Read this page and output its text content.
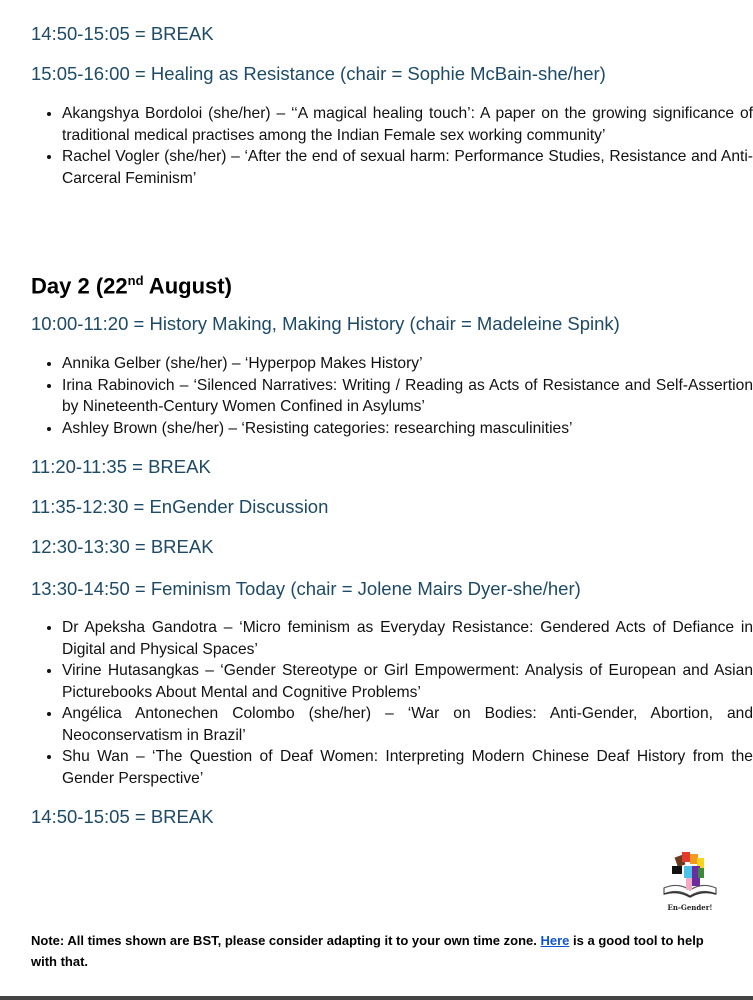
14:50-15:05 = BREAK
15:05-16:00 = Healing as Resistance (chair = Sophie McBain-she/her)
• Akangshya Bordoloi (she/her) – ‘‘A magical healing touch’: A paper on the growing significance of traditional medical practises among the Indian Female sex working community’
• Rachel Vogler (she/her) – ‘After the end of sexual harm: Performance Studies, Resistance and Anti-Carceral Feminism’
Day 2 (22nd August)
10:00-11:20 = History Making, Making History (chair = Madeleine Spink)
• Annika Gelber (she/her) – ‘Hyperpop Makes History’
• Irina Rabinovich – ‘Silenced Narratives: Writing / Reading as Acts of Resistance and Self-Assertion by Nineteenth-Century Women Confined in Asylums’
• Ashley Brown (she/her) – ‘Resisting categories: researching masculinities’
11:20-11:35 = BREAK
11:35-12:30 = EnGender Discussion
12:30-13:30 = BREAK
13:30-14:50 = Feminism Today (chair = Jolene Mairs Dyer-she/her)
• Dr Apeksha Gandotra – ‘Micro feminism as Everyday Resistance: Gendered Acts of Defiance in Digital and Physical Spaces’
• Virine Hutasangkas – ‘Gender Stereotype or Girl Empowerment: Analysis of European and Asian Picturebooks About Mental and Cognitive Problems’
• Angélica Antonechen Colombo (she/her) – ‘War on Bodies: Anti-Gender, Abortion, and Neoconservatism in Brazil’
• Shu Wan – ‘The Question of Deaf Women: Interpreting Modern Chinese Deaf History from the Gender Perspective’
14:50-15:05 = BREAK
En-Gender!
Note: All times shown are BST, please consider adapting it to your own time zone. Here is a good tool to help with that.
